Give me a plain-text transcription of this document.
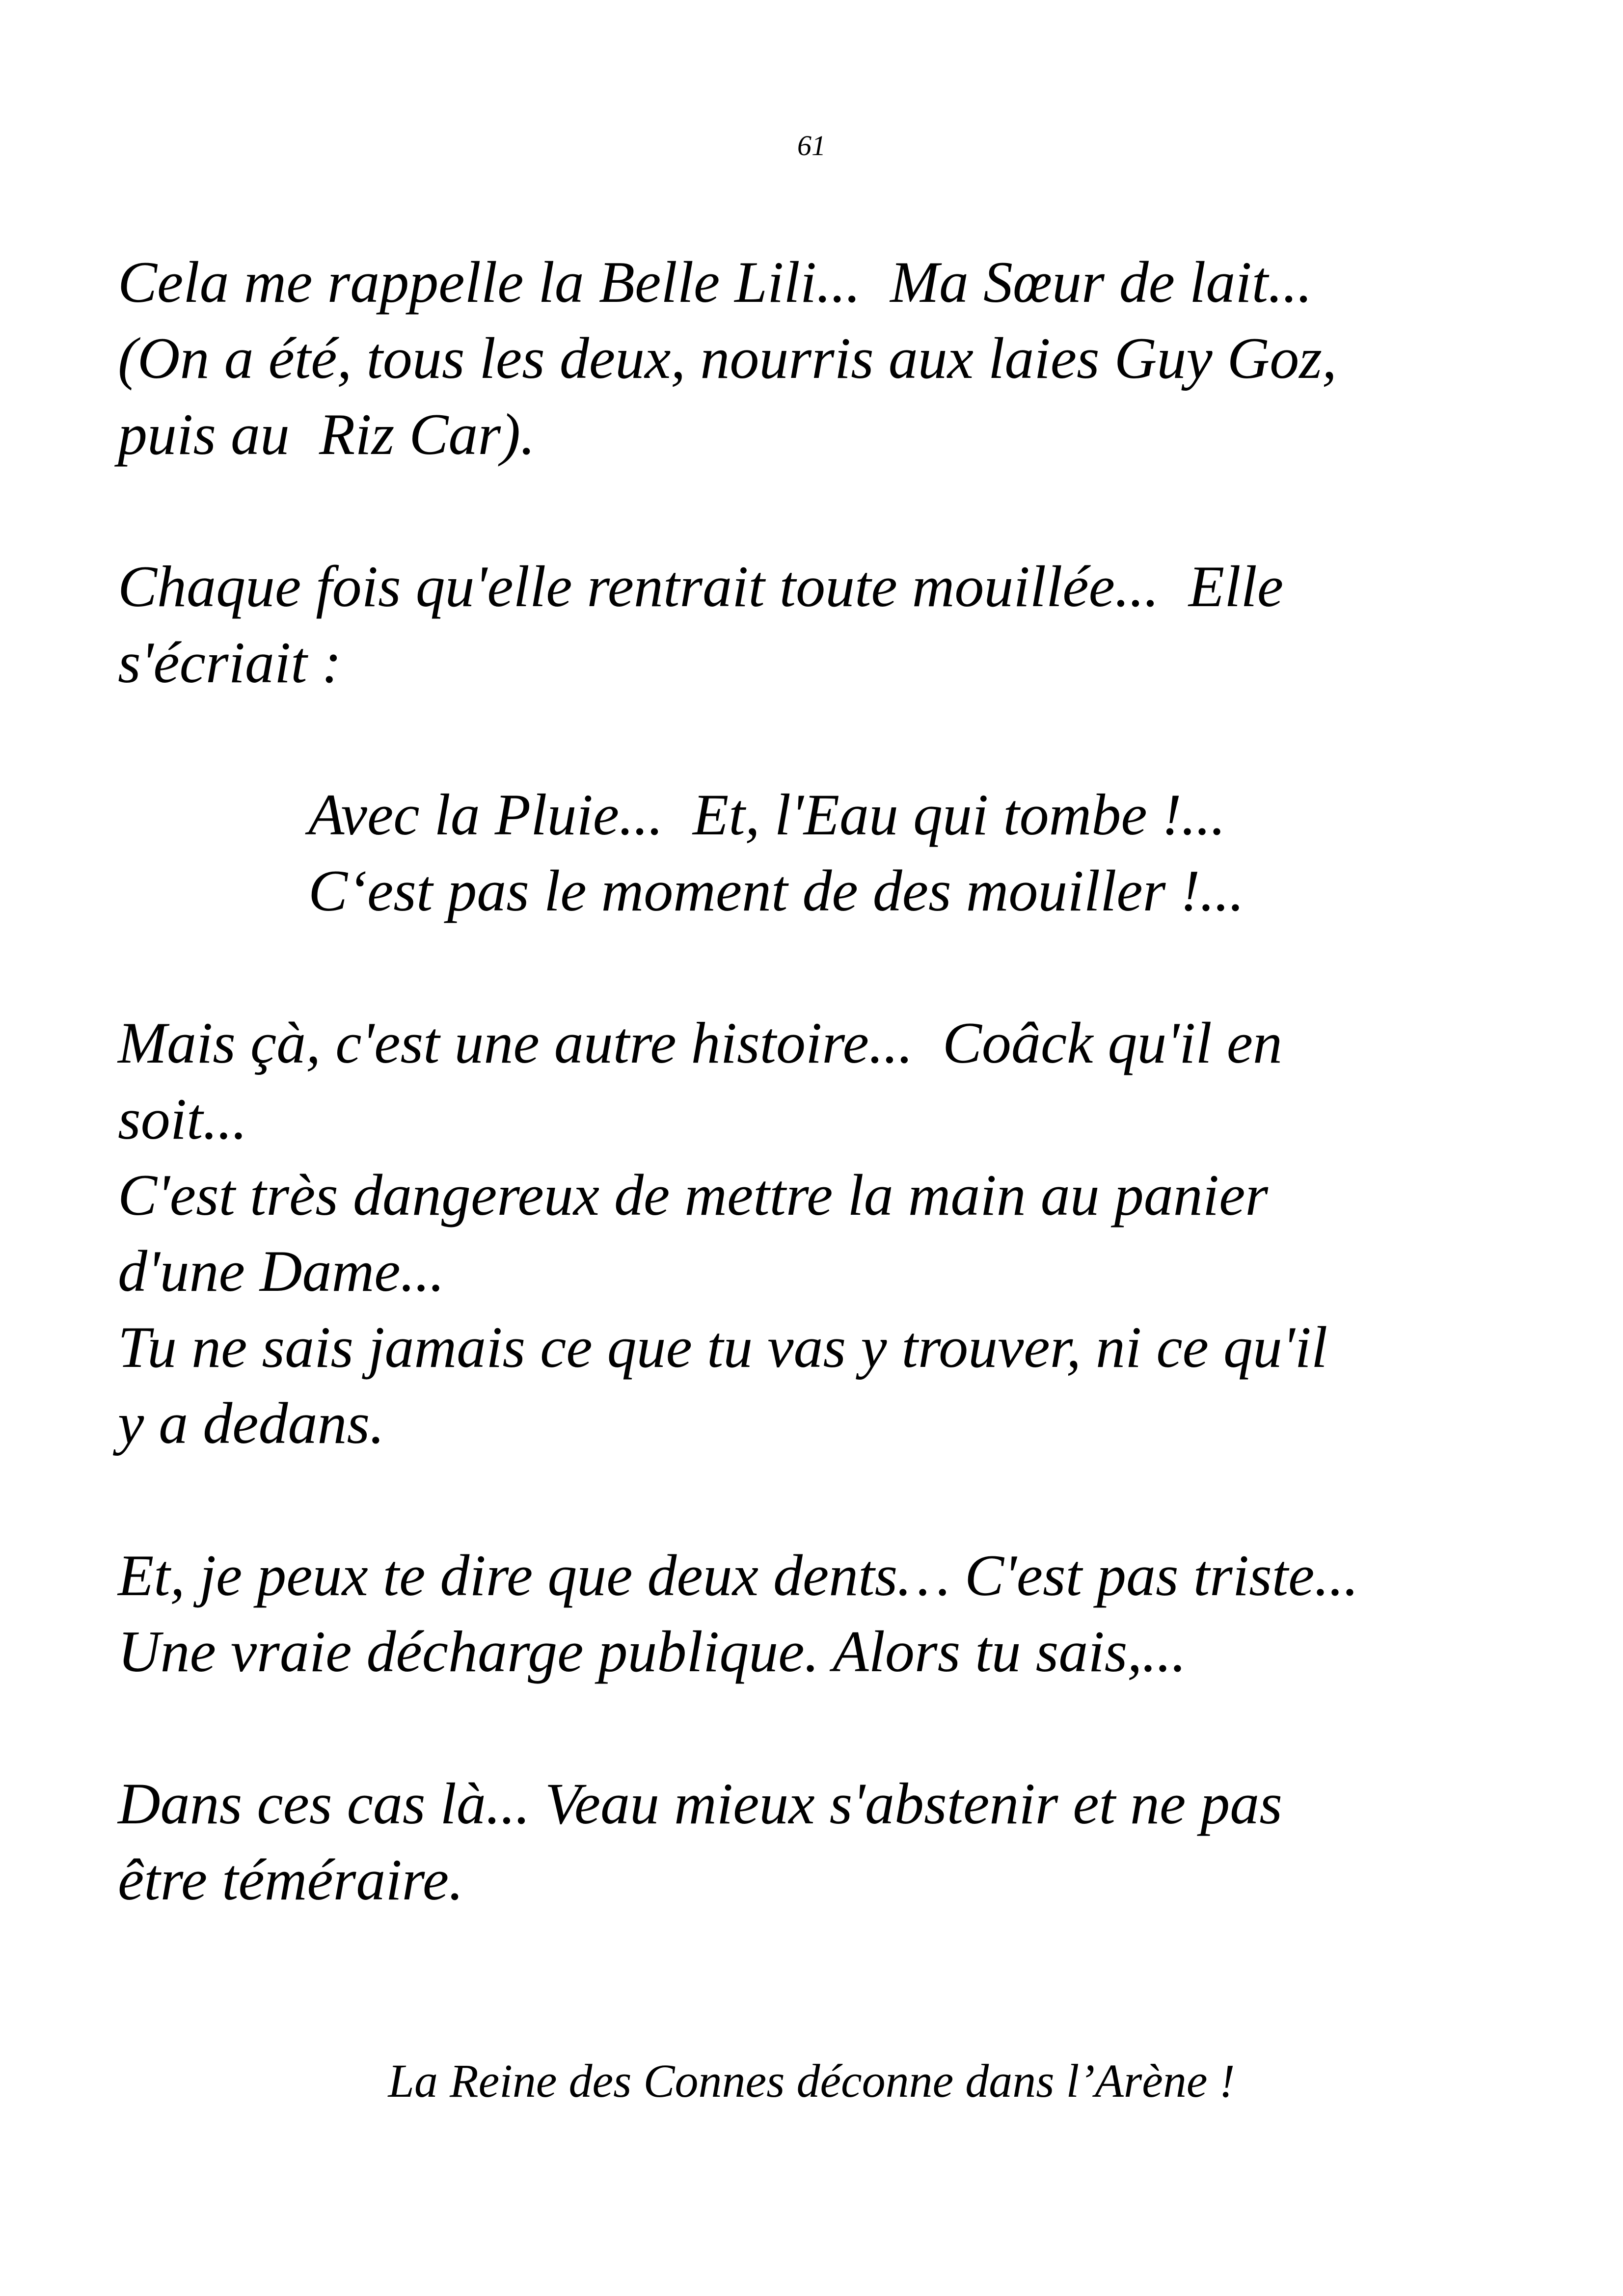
61
Cela me rappelle la Belle Lili...  Ma Sœur de lait...
(On a été, tous les deux, nourris aux laies Guy Goz,
puis au  Riz Car).
Chaque fois qu'elle rentrait toute mouillée...  Elle
s'écriait :
Avec la Pluie...  Et, l'Eau qui tombe !...
C‘est pas le moment de des mouiller !...
Mais çà, c'est une autre histoire...  Coâck qu'il en
soit...
C'est très dangereux de mettre la main au panier
d'une Dame...
Tu ne sais jamais ce que tu vas y trouver, ni ce qu'il
y a dedans.
Et, je peux te dire que deux dents… C'est pas triste...
Une vraie décharge publique. Alors tu sais,...
Dans ces cas là... Veau mieux s'abstenir et ne pas
être téméraire.
La Reine des Connes déconne dans l’Arène !
